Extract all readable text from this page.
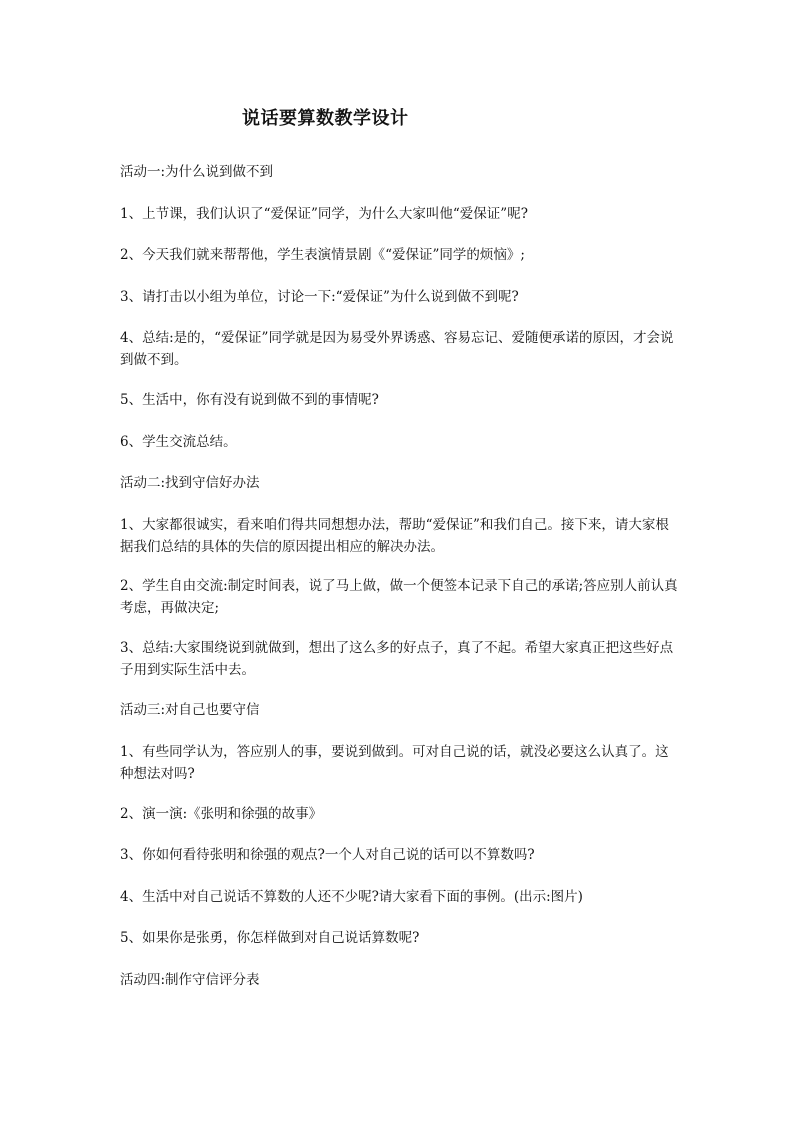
说话要算数教学设计
活动一:为什么说到做不到
1、上节课，我们认识了“爱保证”同学，为什么大家叫他“爱保证”呢?
2、今天我们就来帮帮他，学生表演情景剧《“爱保证”同学的烦恼》;
3、请打击以小组为单位，讨论一下:“爱保证”为什么说到做不到呢?
4、总结:是的，“爱保证”同学就是因为易受外界诱惑、容易忘记、爱随便承诺的原因，才会说到做不到。
5、生活中，你有没有说到做不到的事情呢?
6、学生交流总结。
活动二:找到守信好办法
1、大家都很诚实，看来咱们得共同想想办法，帮助“爱保证”和我们自己。接下来，请大家根据我们总结的具体的失信的原因提出相应的解决办法。
2、学生自由交流:制定时间表，说了马上做，做一个便签本记录下自己的承诺;答应别人前认真考虑，再做决定;
3、总结:大家围绕说到就做到，想出了这么多的好点子，真了不起。希望大家真正把这些好点子用到实际生活中去。
活动三:对自己也要守信
1、有些同学认为，答应别人的事，要说到做到。可对自己说的话，就没必要这么认真了。这种想法对吗?
2、演一演:《张明和徐强的故事》
3、你如何看待张明和徐强的观点?一个人对自己说的话可以不算数吗?
4、生活中对自己说话不算数的人还不少呢?请大家看下面的事例。(出示:图片)
5、如果你是张勇，你怎样做到对自己说话算数呢?
活动四:制作守信评分表
